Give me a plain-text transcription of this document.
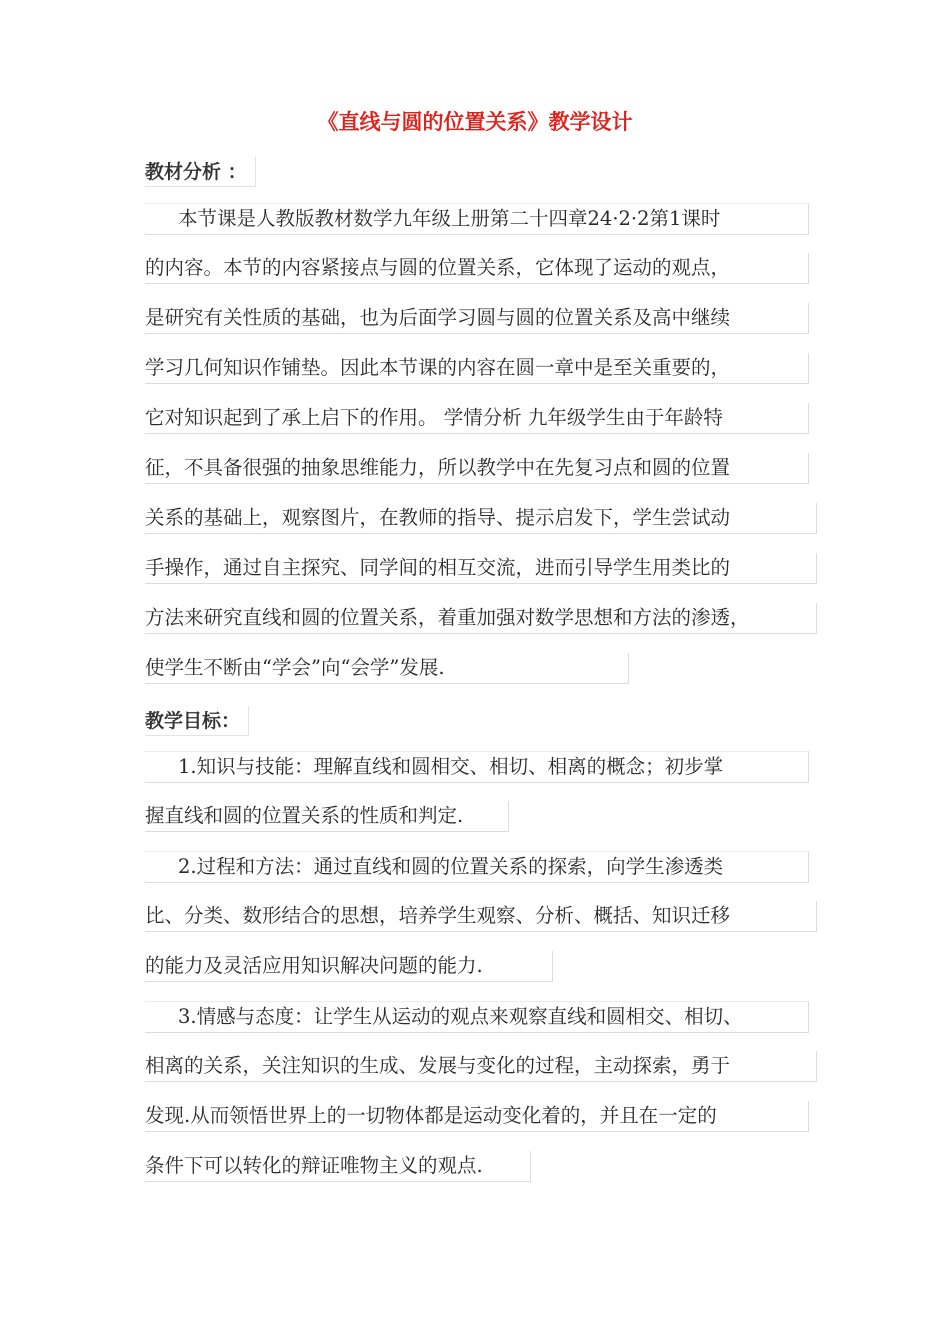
《直线与圆的位置关系》教学设计
教材分析 ：
本节课是人教版教材数学九年级上册第二十四章24·2·2第1课时
的内容。本节的内容紧接点与圆的位置关系，它体现了运动的观点，
是研究有关性质的基础，也为后面学习圆与圆的位置关系及高中继续
学习几何知识作铺垫。因此本节课的内容在圆一章中是至关重要的，
它对知识起到了承上启下的作用。 学情分析 九年级学生由于年龄特
征，不具备很强的抽象思维能力，所以教学中在先复习点和圆的位置
关系的基础上，观察图片，在教师的指导、提示启发下，学生尝试动
手操作，通过自主探究、同学间的相互交流，进而引导学生用类比的
方法来研究直线和圆的位置关系，着重加强对数学思想和方法的渗透，
使学生不断由“学会”向“会学”发展.
教学目标：
1.知识与技能：理解直线和圆相交、相切、相离的概念；初步掌
握直线和圆的位置关系的性质和判定.
2.过程和方法：通过直线和圆的位置关系的探索，向学生渗透类
比、分类、数形结合的思想，培养学生观察、分析、概括、知识迁移
的能力及灵活应用知识解决问题的能力.
3.情感与态度：让学生从运动的观点来观察直线和圆相交、相切、
相离的关系，关注知识的生成、发展与变化的过程，主动探索，勇于
发现.从而领悟世界上的一切物体都是运动变化着的，并且在一定的
条件下可以转化的辩证唯物主义的观点.
